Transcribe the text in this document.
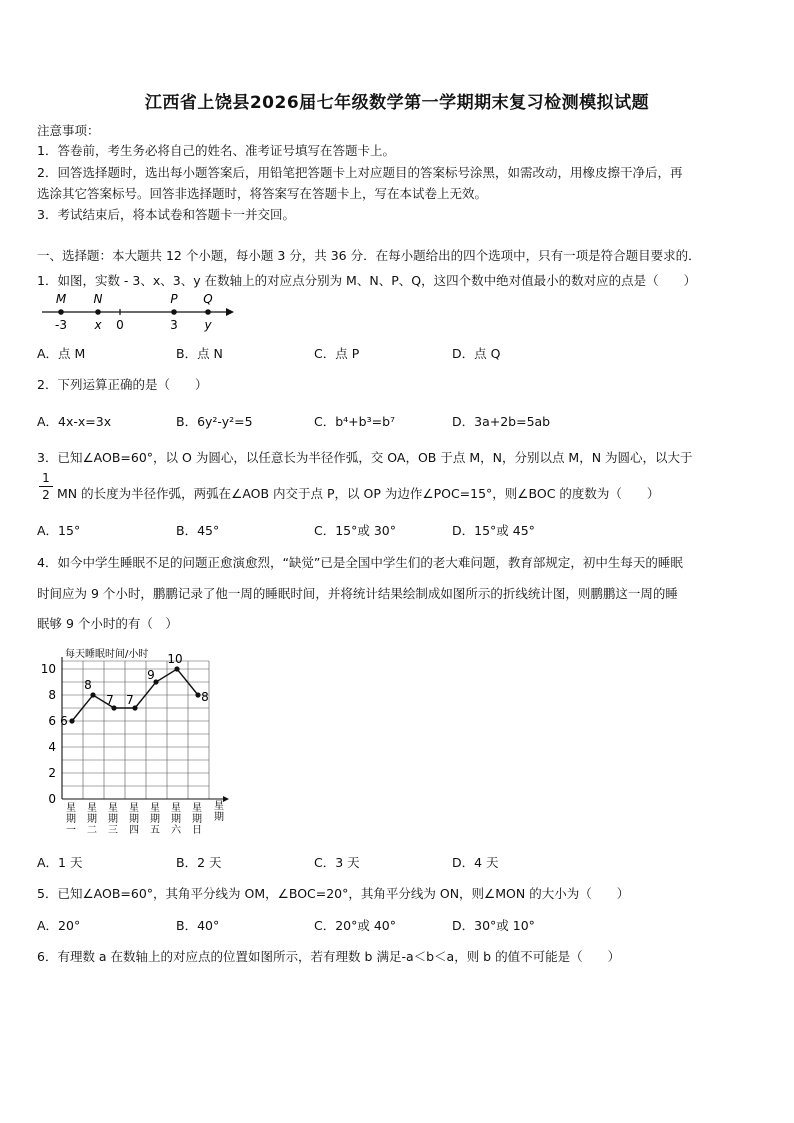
江西省上饶县2026届七年级数学第一学期期末复习检测模拟试题
注意事项：
1．答卷前，考生务必将自己的姓名、准考证号填写在答题卡上。
2．回答选择题时，选出每小题答案后，用铅笔把答题卡上对应题目的答案标号涂黑，如需改动，用橡皮擦干净后，再
选涂其它答案标号。回答非选择题时，将答案写在答题卡上，写在本试卷上无效。
3．考试结束后，将本试卷和答题卡一并交回。
一、选择题：本大题共 12 个小题，每小题 3 分，共 36 分．在每小题给出的四个选项中，只有一项是符合题目要求的．
1．如图，实数 - 3、x、3、y 在数轴上的对应点分别为 M、N、P、Q，这四个数中绝对值最小的数对应的点是（　　）
M N	P Q
-3 x 0	3 y
A．点 M	B．点 N	C．点 P	D．点 Q
2．下列运算正确的是（　　）
A．4x-x=3x	B．6y²-y²=5	C．b⁴+b³=b⁷	D．3a+2b=5ab
3．已知∠AOB=60°，以 O 为圆心，以任意长为半径作弧，交 OA，OB 于点 M，N，分别以点 M，N 为圆心，以大于
1
2 MN 的长度为半径作弧，两弧在∠AOB 内交于点 P，以 OP 为边作∠POC=15°，则∠BOC 的度数为（　　）
A．15°	B．45°	C．15°或 30°	D．15°或 45°
4．如今中学生睡眠不足的问题正愈演愈烈，“缺觉”已是全国中学生们的老大难问题，教育部规定，初中生每天的睡眠
时间应为 9 个小时，鹏鹏记录了他一周的睡眠时间，并将统计结果绘制成如图所示的折线统计图，则鹏鹏这一周的睡
眠够 9 个小时的有（　）
每天睡眠时间/小时
0
2
4
6
8
10
星
期
一
星
期
二
星
期
三
星
期
四
星
期
五
星
期
六
星
期
日
星
期
6
8
7 7
9
10
8
A．1 天	B．2 天	C．3 天	D．4 天
5．已知∠AOB=60°，其角平分线为 OM，∠BOC=20°，其角平分线为 ON，则∠MON 的大小为（　　）
A．20°	B．40°	C．20°或 40°	D．30°或 10°
6．有理数 a 在数轴上的对应点的位置如图所示，若有理数 b 满足-a＜b＜a，则 b 的值不可能是（　　）
